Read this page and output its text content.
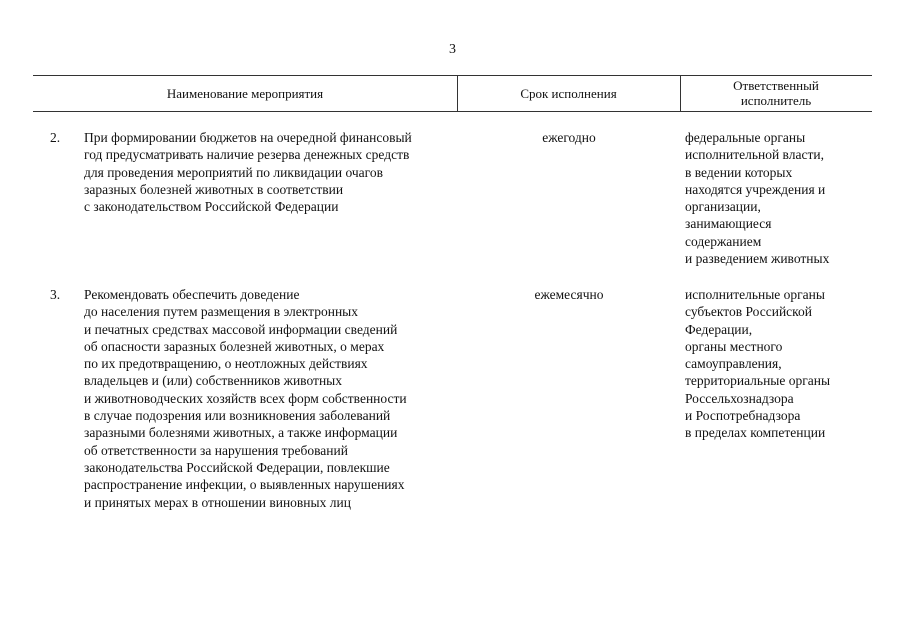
3
Наименование мероприятия	Срок исполнения	Ответственный
исполнитель
2.	При формировании бюджетов на очередной финансовый
год предусматривать наличие резерва денежных средств
для проведения мероприятий по ликвидации очагов
заразных болезней животных в соответствии
с законодательством Российской Федерации
ежегодно	федеральные органы
исполнительной власти,
в ведении которых
находятся учреждения и
организации,
занимающиеся
содержанием
и разведением животных
3.	Рекомендовать обеспечить доведение
до населения путем размещения в электронных
и печатных средствах массовой информации сведений
об опасности заразных болезней животных, о мерах
по их предотвращению, о неотложных действиях
владельцев и (или) собственников животных
и животноводческих хозяйств всех форм собственности
в случае подозрения или возникновения заболеваний
заразными болезнями животных, а также информации
об ответственности за нарушения требований
законодательства Российской Федерации, повлекшие
распространение инфекции, о выявленных нарушениях
и принятых мерах в отношении виновных лиц
ежемесячно	исполнительные органы
субъектов Российской
Федерации,
органы местного
самоуправления,
территориальные органы
Россельхознадзора
и Роспотребнадзора
в пределах компетенции
